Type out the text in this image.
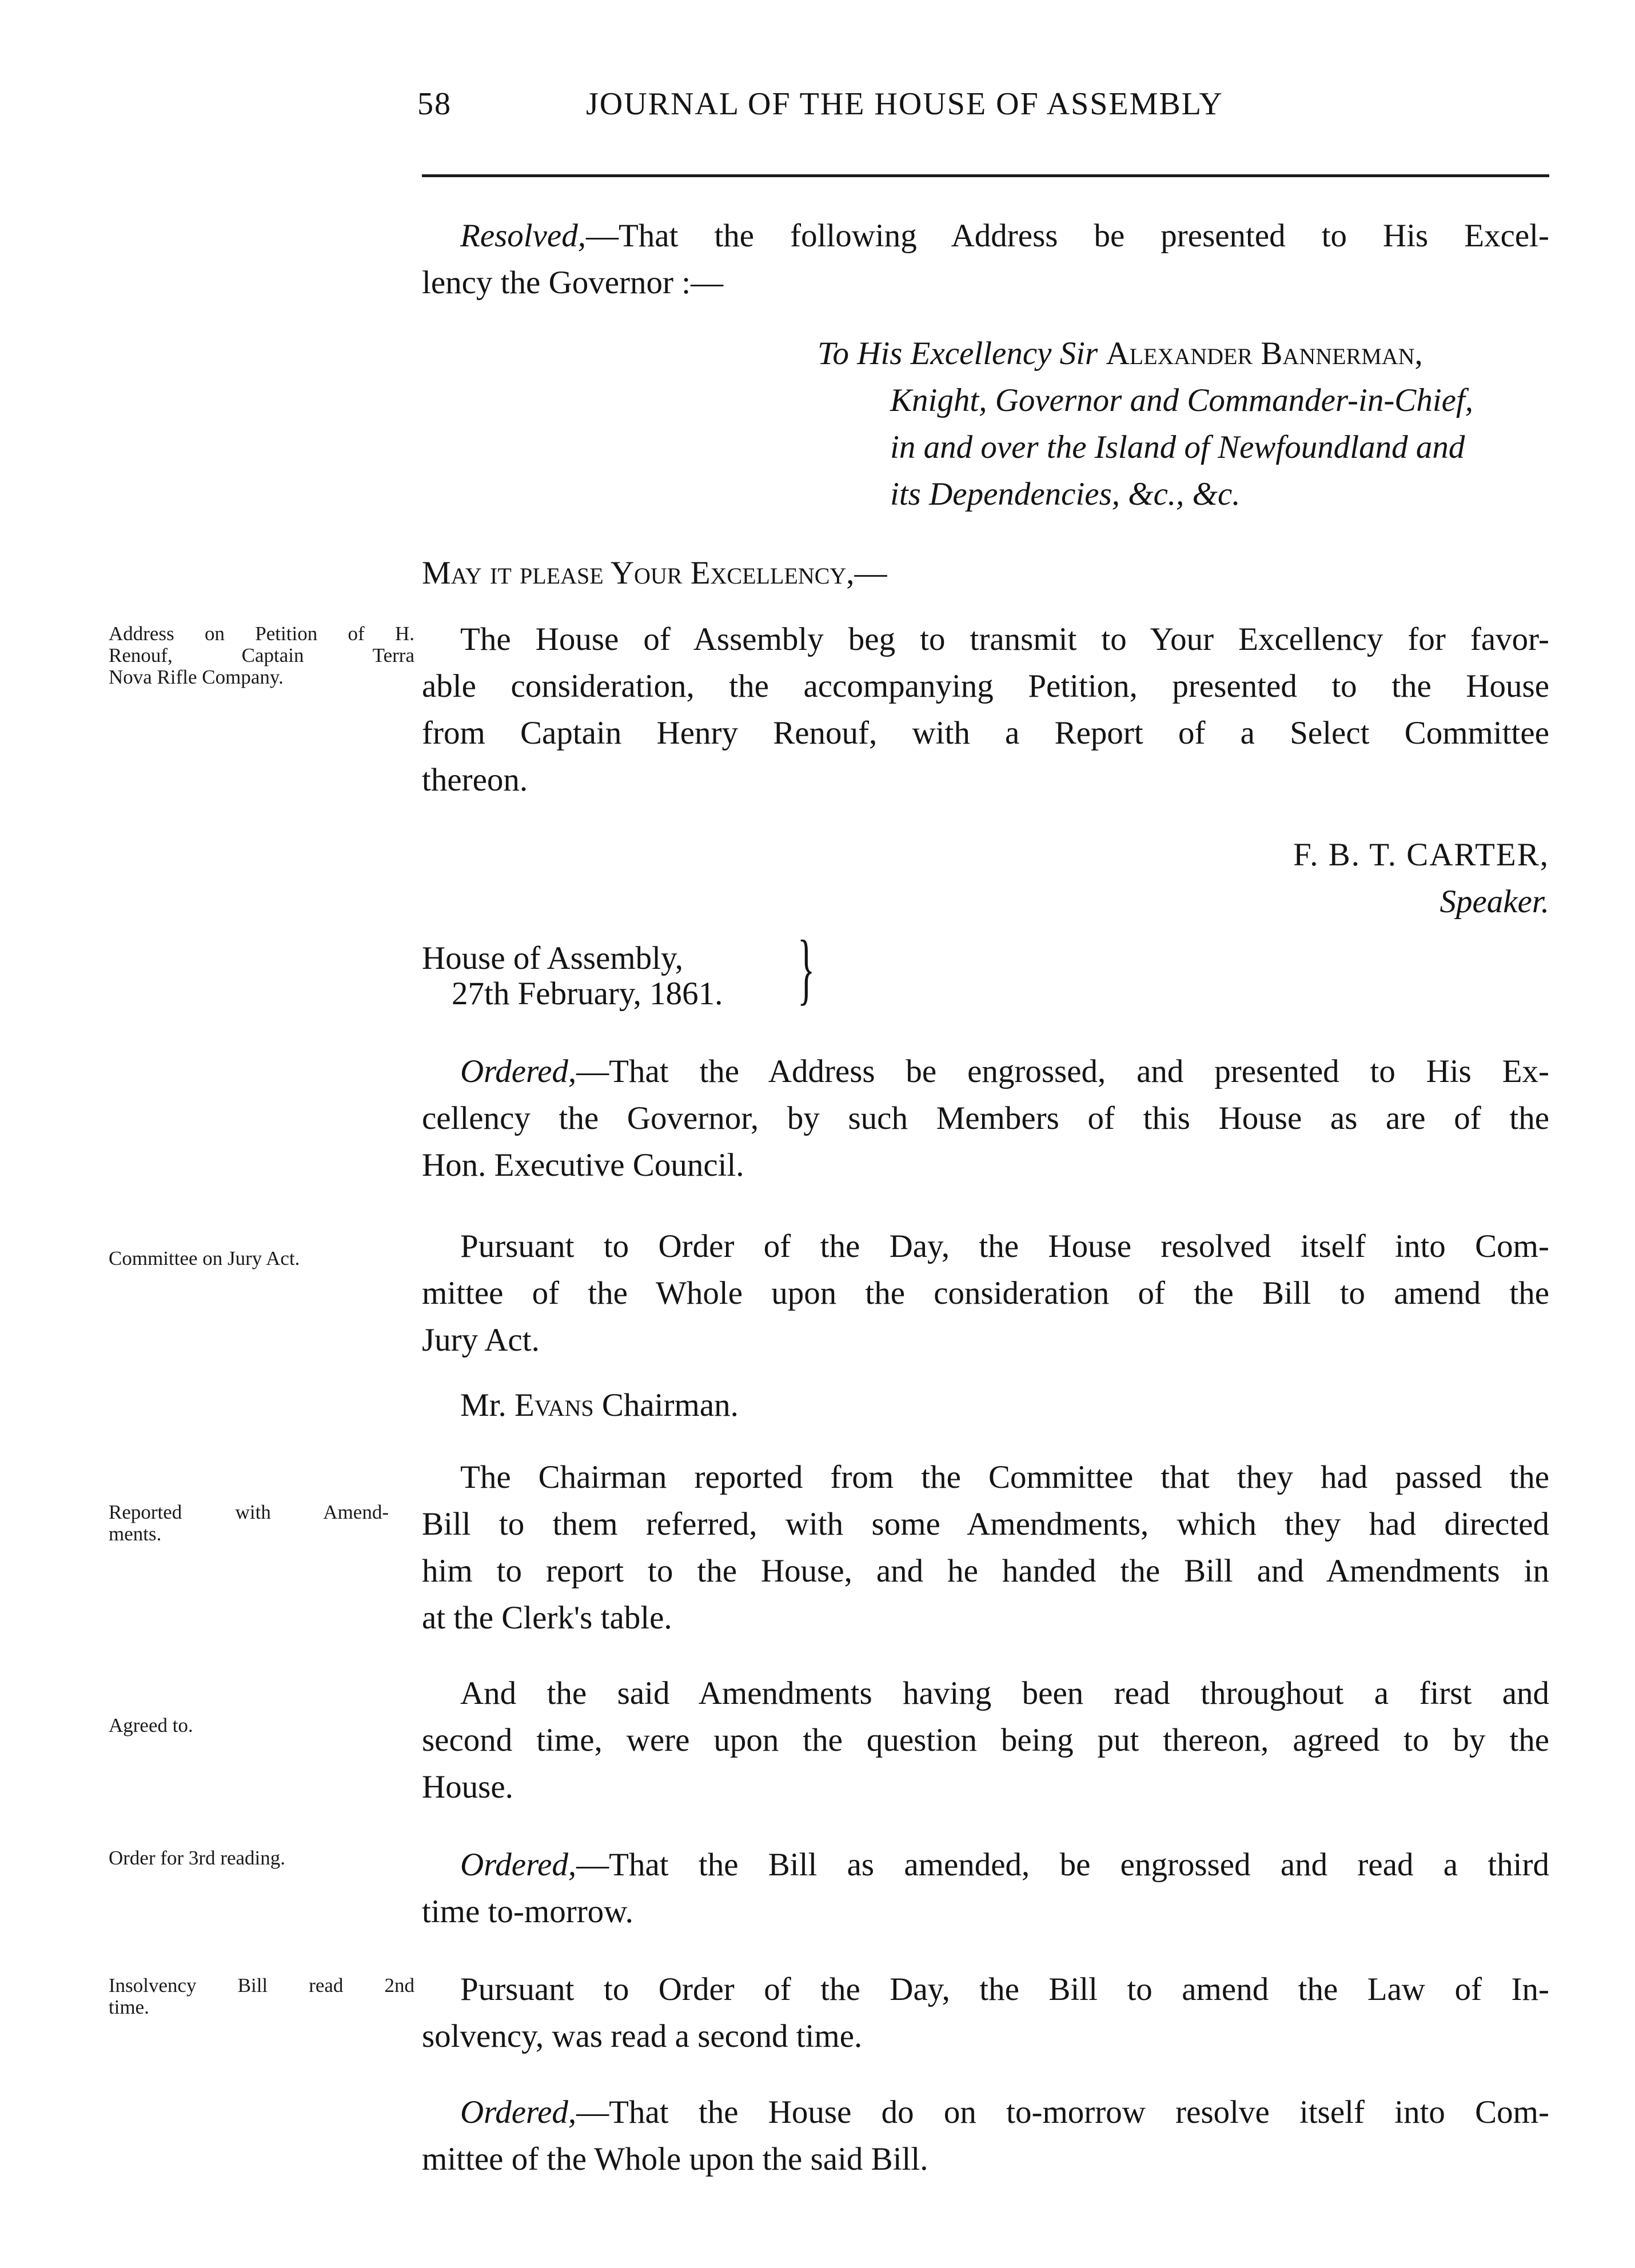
58	JOURNAL OF THE HOUSE OF ASSEMBLY
Resolved,—That the following Address be presented to His Excel-
lency the Governor :—
To His Excellency Sir Alexander Bannerman,
Knight, Governor and Commander-in-Chief,
in and over the Island of Newfoundland and
its Dependencies, &c., &c.
May it please Your Excellency,—
Address on Petition of H.
Renouf, Captain Terra
Nova Rifle Company.
The House of Assembly beg to transmit to Your Excellency for favor-
able consideration, the accompanying Petition, presented to the House
from Captain Henry Renouf, with a Report of a Select Committee
thereon.
F. B. T. CARTER,
Speaker.
House of Assembly,
27th February, 1861. }
Ordered,—That the Address be engrossed, and presented to His Ex-
cellency the Governor, by such Members of this House as are of the
Hon. Executive Council.
Committee on Jury Act.	Pursuant to Order of the Day, the House resolved itself into Com-
mittee of the Whole upon the consideration of the Bill to amend the
Jury Act.
Mr. Evans Chairman.
Reported with Amend-
ments.
The Chairman reported from the Committee that they had passed the
Bill to them referred, with some Amendments, which they had directed
him to report to the House, and he handed the Bill and Amendments in
at the Clerk's table.
Agreed to.
And the said Amendments having been read throughout a first and
second time, were upon the question being put thereon, agreed to by the
House.
Order for 3rd reading.	Ordered,—That the Bill as amended, be engrossed and read a third
time to-morrow.
Insolvency Bill read 2nd
time.	Pursuant to Order of the Day, the Bill to amend the Law of In-
solvency, was read a second time.
Ordered,—That the House do on to-morrow resolve itself into Com-
mittee of the Whole upon the said Bill.
